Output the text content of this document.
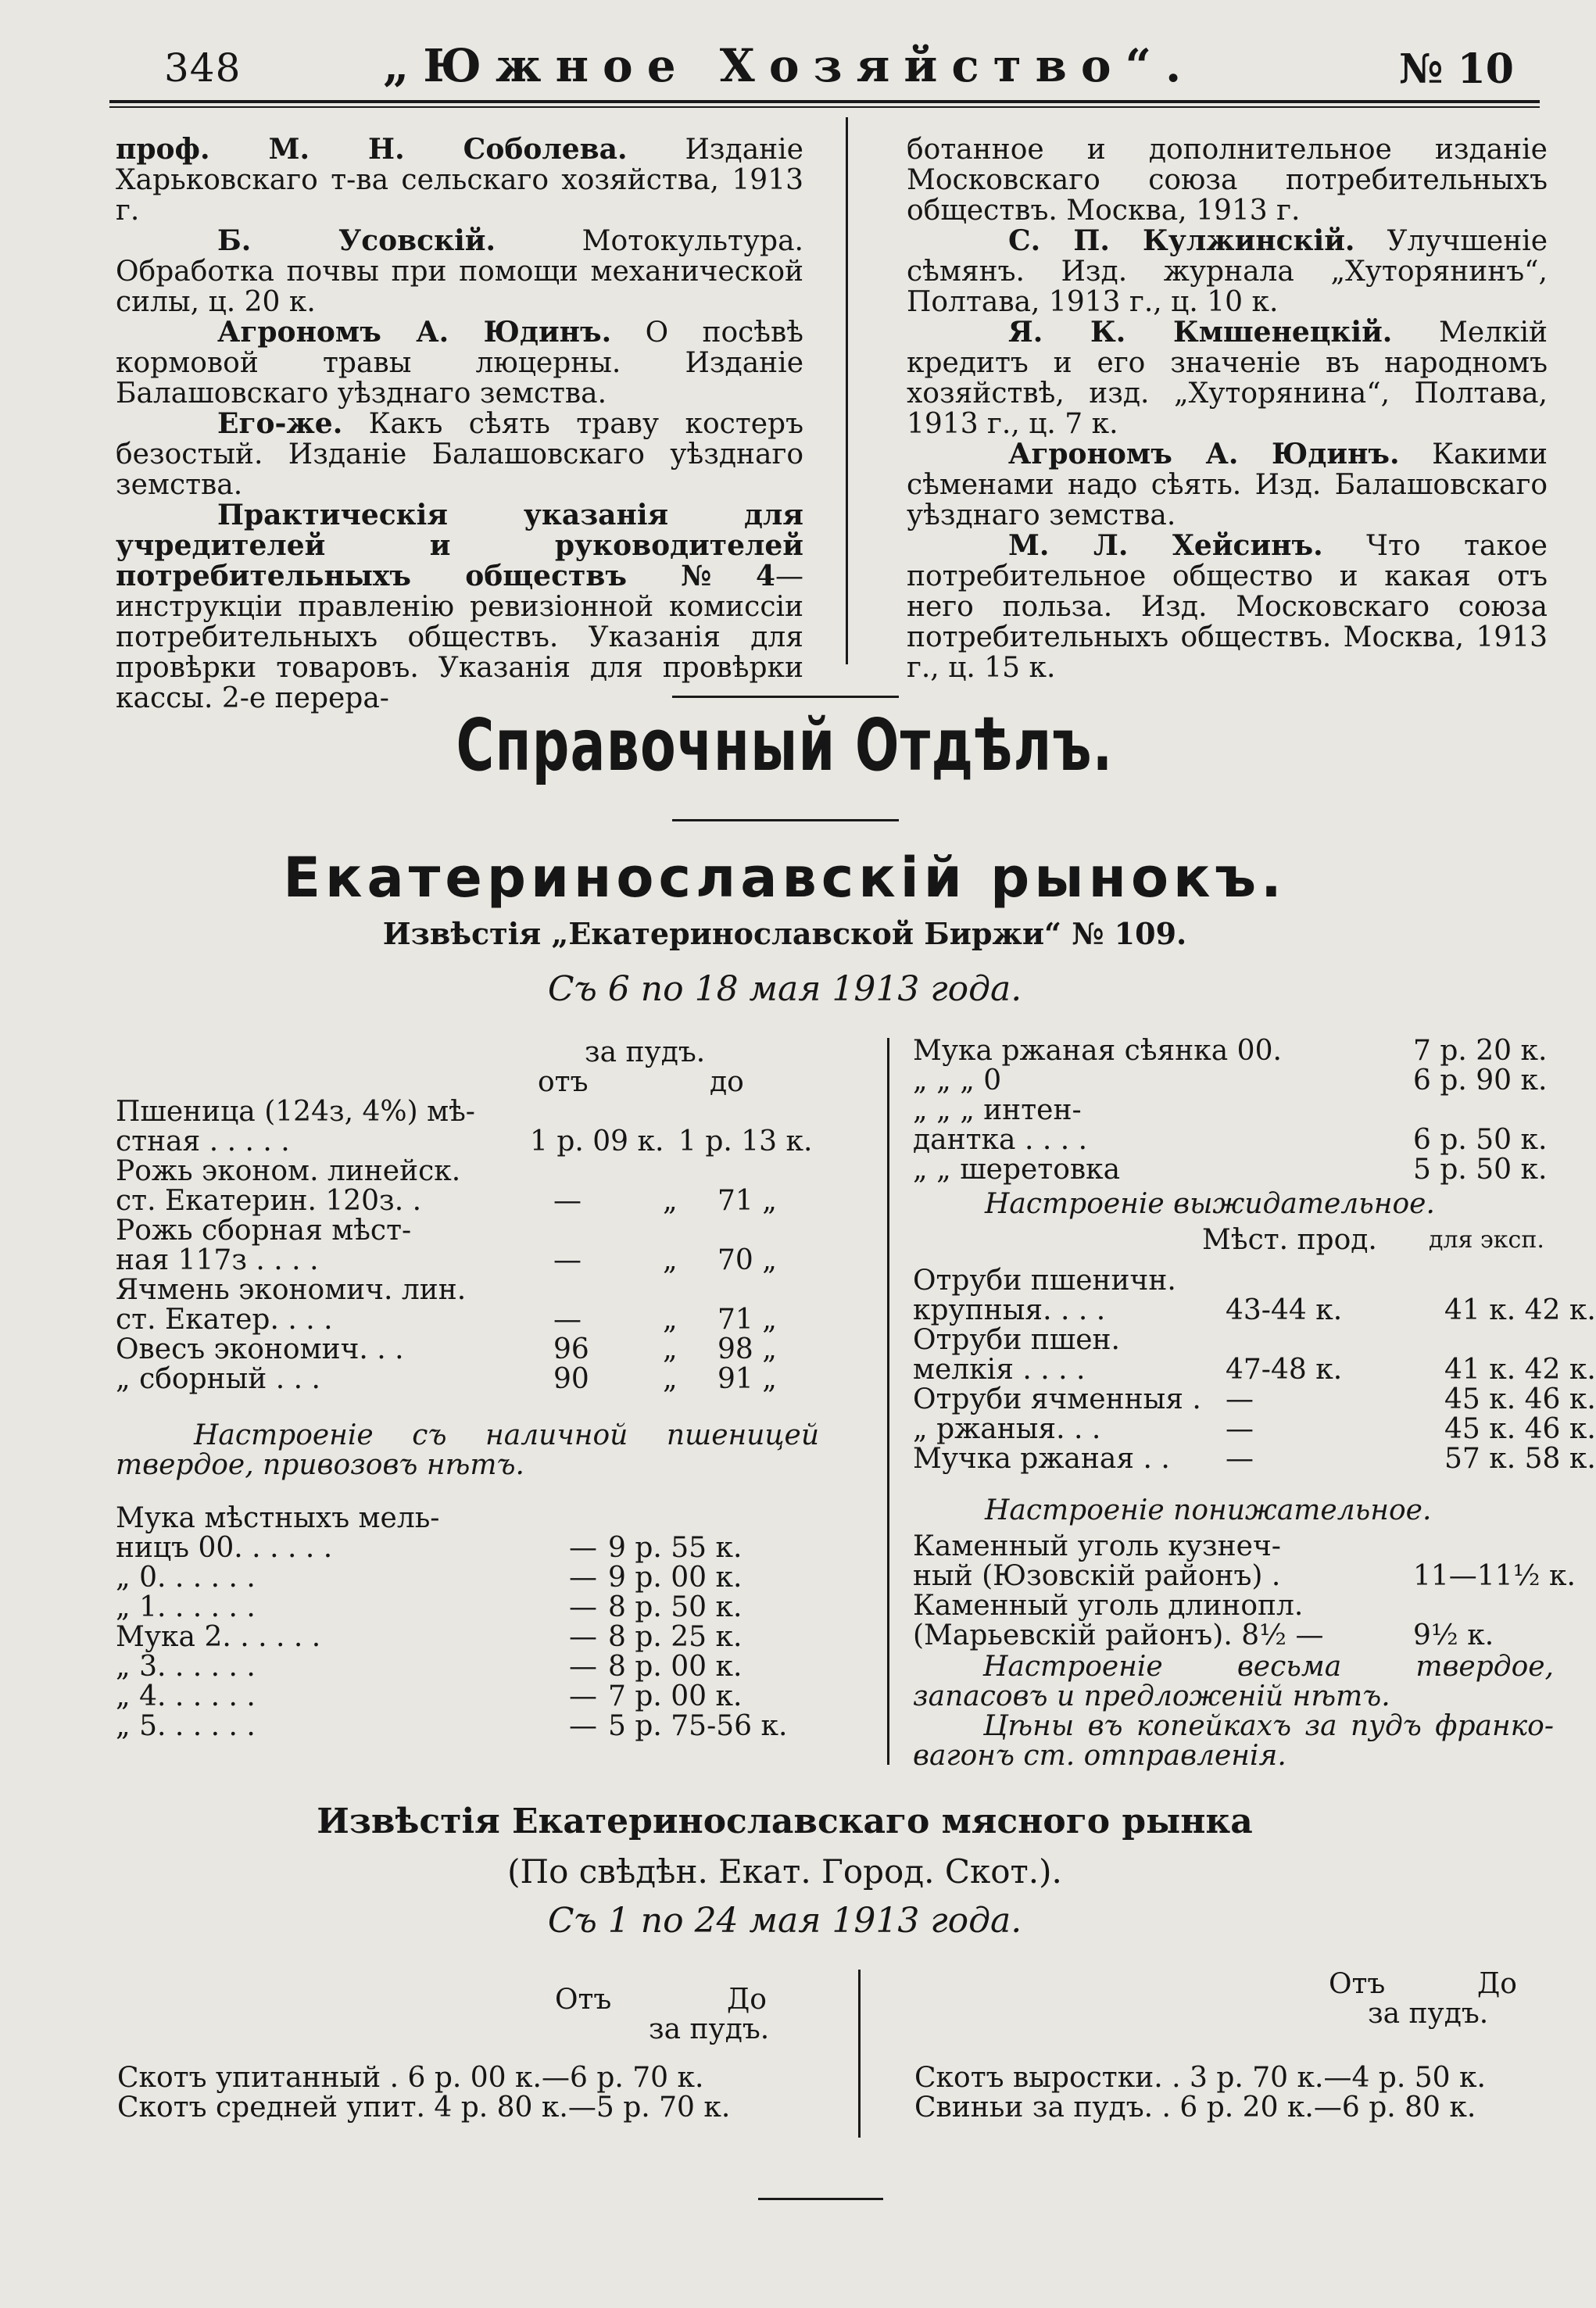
348	„Южное Хозяйство“.	№ 10

проф. М. Н. Соболева. Изданіе Харьковскаго т-ва сельскаго хозяйства, 1913 г.

Б. Усовскій. Мотокультура. Обработка почвы при помощи механической силы, ц. 20 к.

Агрономъ А. Юдинъ. О посѣвѣ кормовой травы люцерны. Изданіе Балашовскаго уѣзднаго земства.

Его-же. Какъ сѣять траву костеръ безостый. Изданіе Балашовскаго уѣзднаго земства.

Практическія указанія для учредителей и руководителей потребительныхъ обществъ №4—инструкціи правленію ревизіонной комиссіи потребительныхъ обществъ. Указанія для провѣрки товаровъ. Указанія для провѣрки кассы. 2-е перера-

ботанное и дополнительное изданіе Московскаго союза потребительныхъ обществъ. Москва, 1913 г.

С. П. Кулжинскій. Улучшеніе сѣмянъ. Изд. журнала „Хуторянинъ“, Полтава, 1913 г., ц. 10 к.

Я. К. Кмшенецкій. Мелкій кредитъ и его значеніе въ народномъ хозяйствѣ, изд. „Хуторянина“, Полтава, 1913 г., ц. 7 к.

Агрономъ А. Юдинъ. Какими сѣменами надо сѣять. Изд. Балашовскаго уѣзднаго земства.

М. Л. Хейсинъ. Что такое потребительное общество и какая отъ него польза. Изд. Московскаго союза потребительныхъ обществъ. Москва, 1913 г., ц. 15 к.

Справочный Отдѣлъ.
Екатеринославскій рынокъ.
Извѣстія „Екатеринославской Биржи“ № 109.
Съ 6 по 18 мая 1913 года.
за пудъ.
отъ	до
Пшеница (124з, 4%) мѣ-
стная . . . . .	1 р. 09 к. 1 р. 13 к.
Рожь эконом. линейск.
ст. Екатерин. 120з. .	—	„ 71 „
Рожь сборная мѣст-
ная 117з . . . .	—	„ 70 „
Ячмень экономич. лин.
ст. Екатер. . . .	—	„ 71 „
Овесъ экономич. . .	96	„ 98 „
„ сборный . . .	90	„ 91 „
Настроеніе съ наличной пшеницей твердое, привозовъ нѣтъ.
Мука мѣстныхъ мель-
ницъ 00. . . . . .	— 9 р. 55 к.
„ 0. . . . . .	— 9 р. 00 к.
„ 1. . . . . .	— 8 р. 50 к.
Мука 2. . . . . .	— 8 р. 25 к.
„ 3. . . . . .	— 8 р. 00 к.
„ 4. . . . . .	— 7 р. 00 к.
„ 5. . . . . .	— 5 р. 75-56 к.
Мука ржаная сѣянка 00.	7 р. 20 к.
„ „ „ 0	6 р. 90 к.
„ „ „ интен-
дантка . . . .	6 р. 50 к.
„ „ шеретовка	5 р. 50 к.
Настроеніе выжидательное.
Мѣст. прод. для эксп.
Отруби пшеничн.
крупныя. . . .	43-44 к.	41 к. 42 к.
Отруби пшен.
мелкія . . . .	47-48 к.	41 к. 42 к.
Отруби ячменныя . —	45 к. 46 к.
„ ржаныя. . .	—	45 к. 46 к.
Мучка ржаная . . —	57 к. 58 к.
Настроеніе понижательное.
Каменный уголь кузнеч-
ный (Юзовскій районъ) .	11—11½ к.
Каменный уголь длинопл.
(Марьевскій районъ). 8½ —	9½ к.
Настроеніе весьма твердое, запасовъ и предложеній нѣтъ.
Цѣны въ копейкахъ за пудъ франко-вагонъ ст. отправленія.
Извѣстія Екатеринославскаго мясного рынка
(По свѣдѣн. Екат. Город. Скот.).
Съ 1 по 24 мая 1913 года.
Отъ	До
за пудъ.
Скотъ упитанный . 6 р. 00 к.—6 р. 70 к.
Скотъ средней упит. 4 р. 80 к.—5 р. 70 к.
Отъ	До
за пудъ.
Скотъ выростки. . 3 р. 70 к.—4 р. 50 к.
Свиньи за пудъ. . 6 р. 20 к.—6 р. 80 к.
